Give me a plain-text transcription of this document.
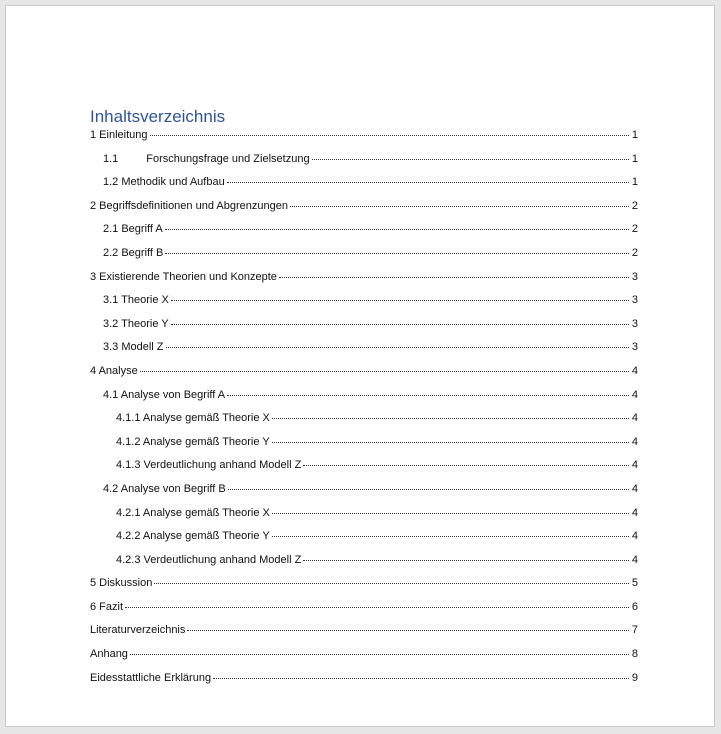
Inhaltsverzeichnis
1 Einleitung	1
1.1	Forschungsfrage und Zielsetzung	1
1.2 Methodik und Aufbau	1
2 Begriffsdefinitionen und Abgrenzungen	2
2.1 Begriff A	2
2.2 Begriff B	2
3 Existierende Theorien und Konzepte	3
3.1 Theorie X	3
3.2 Theorie Y	3
3.3 Modell Z	3
4 Analyse	4
4.1 Analyse von Begriff A	4
4.1.1 Analyse gemäß Theorie X	4
4.1.2 Analyse gemäß Theorie Y	4
4.1.3 Verdeutlichung anhand Modell Z	4
4.2 Analyse von Begriff B	4
4.2.1 Analyse gemäß Theorie X	4
4.2.2 Analyse gemäß Theorie Y	4
4.2.3 Verdeutlichung anhand Modell Z	4
5 Diskussion	5
6 Fazit	6
Literaturverzeichnis	7
Anhang	8
Eidesstattliche Erklärung	9
